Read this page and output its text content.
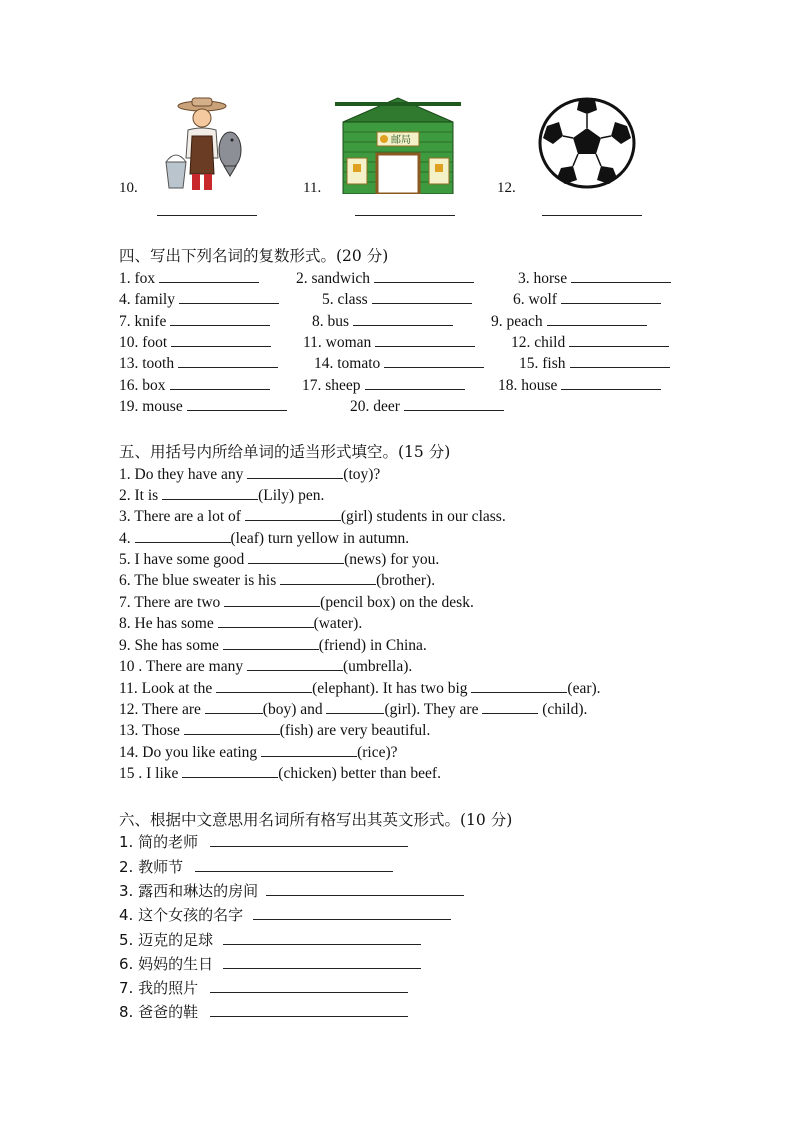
10.	11.
邮局
12.
四、写出下列名词的复数形式。(20 分)
1. fox	2. sandwich	3. horse
4. family	5. class	6. wolf
7. knife	8. bus	9. peach
10. foot	11. woman	12. child
13. tooth	14. tomato	15. fish
16. box	17. sheep	18. house
19. mouse	20. deer
五、用括号内所给单词的适当形式填空。(15 分)
1. Do they have any	(toy)?
2. It is	(Lily) pen.
3. There are a lot of	(girl) students in our class.
4.	(leaf) turn yellow in autumn.
5. I have some good	(news) for you.
6. The blue sweater is his	(brother).
7. There are two	(pencil box) on the desk.
8. He has some	(water).
9. She has some	(friend) in China.
10 . There are many	(umbrella).
11. Look at the	(elephant). It has two big	(ear).
12. There are	(boy) and	(girl). They are	(child).
13. Those	(fish) are very beautiful.
14. Do you like eating	(rice)?
15 . I like	(chicken) better than beef.
六、根据中文意思用名词所有格写出其英文形式。(10 分)
1. 简的老师
2. 教师节
3. 露西和琳达的房间
4. 这个女孩的名字
5. 迈克的足球
6. 妈妈的生日
7. 我的照片
8. 爸爸的鞋
